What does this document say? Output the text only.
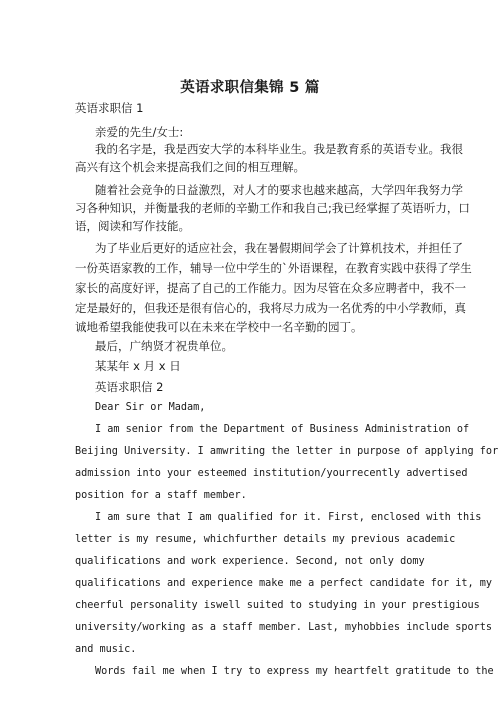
英语求职信集锦 5 篇
英语求职信 1
亲爱的先生/女士:
我的名字是，我是西安大学的本科毕业生。我是教育系的英语专业。我很
高兴有这个机会来提高我们之间的相互理解。
随着社会竞争的日益激烈，对人才的要求也越来越高，大学四年我努力学
习各种知识，并衡量我的老师的辛勤工作和我自己;我已经掌握了英语听力，口
语，阅读和写作技能。
为了毕业后更好的适应社会，我在暑假期间学会了计算机技术，并担任了
一份英语家教的工作，辅导一位中学生的`外语课程，在教育实践中获得了学生
家长的高度好评，提高了自己的工作能力。因为尽管在众多应聘者中，我不一
定是最好的，但我还是很有信心的，我将尽力成为一名优秀的中小学教师，真
诚地希望我能使我可以在未来在学校中一名辛勤的园丁。
最后，广纳贤才祝贵单位。
某某年 x 月 x 日
英语求职信 2
Dear Sir or Madam,
I am senior from the Department of Business Administration of
Beijing University. I amwriting the letter in purpose of applying for
admission into your esteemed institution/yourrecently advertised
position for a staff member.
I am sure that I am qualified for it. First, enclosed with this
letter is my resume, whichfurther details my previous academic
qualifications and work experience. Second, not only domy
qualifications and experience make me a perfect candidate for it, my
cheerful personality iswell suited to studying in your prestigious
university/working as a staff member. Last, myhobbies include sports
and music.
Words fail me when I try to express my heartfelt gratitude to the
